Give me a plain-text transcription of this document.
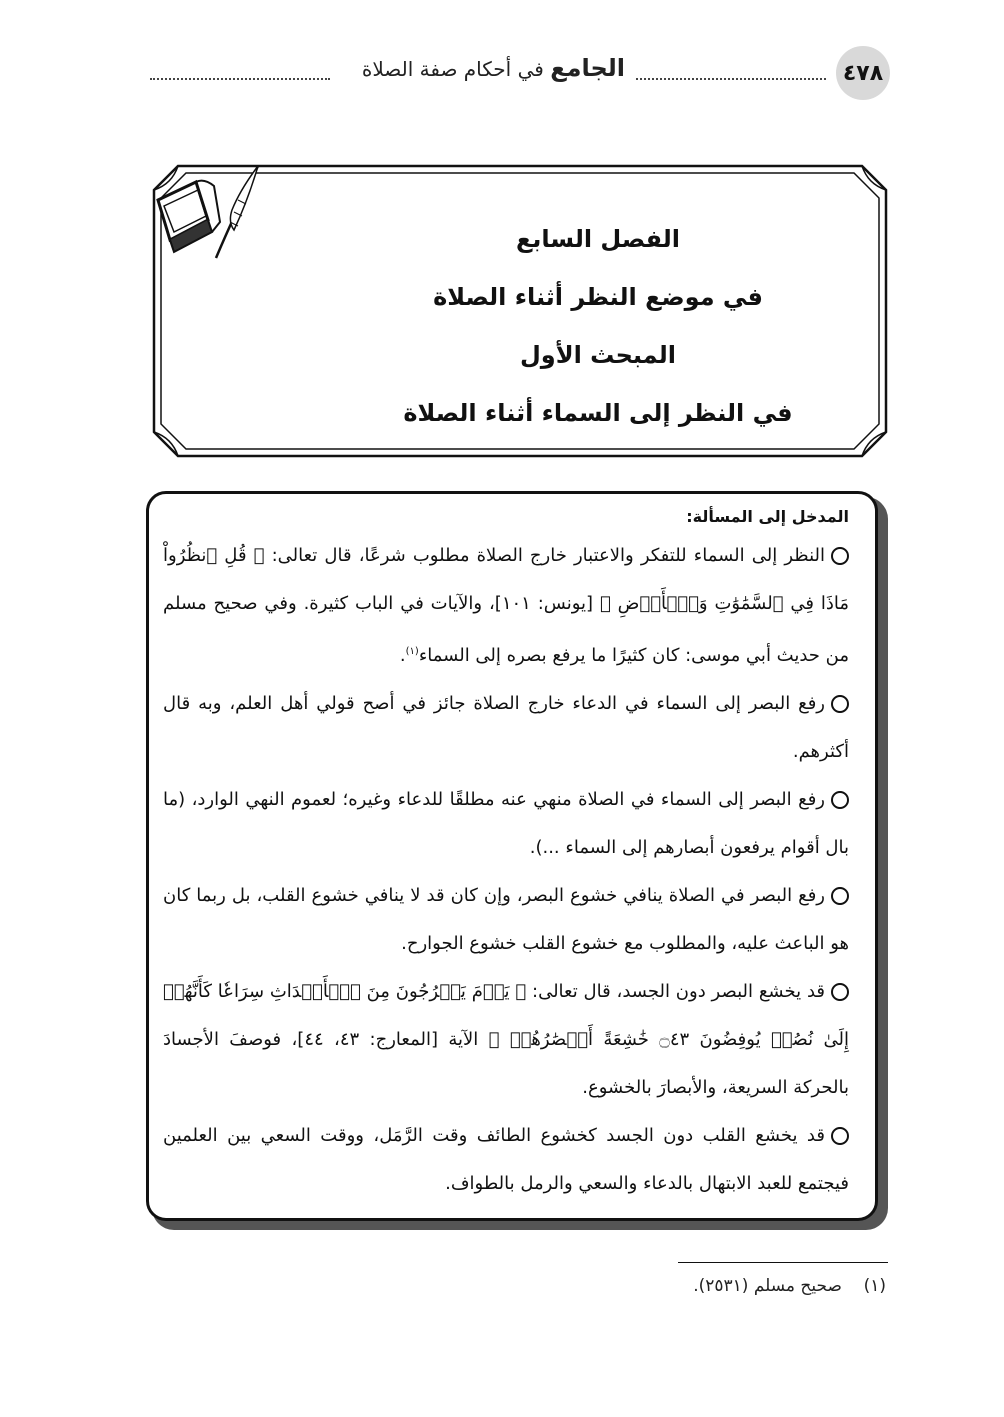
٤٧٨
الجامع ﻓﻲ أحكام صفة الصلاة
الفصل السابع
في موضع النظر أثناء الصلاة
المبحث الأول
في النظر إلى السماء أثناء الصلاة
المدخل إلى المسألة:

النظر إلى السماء للتفكر والاعتبار خارج الصلاة مطلوب شرعًا، قال تعالى: ﴿ قُلِ ٱنظُرُواْ مَاذَا فِي ٱلسَّمَٰوَٰتِ وَٱلۡأَرۡضِ ﴾ [يونس: ١٠١]، والآيات في الباب كثيرة. وفي صحيح مسلم من حديث أبي موسى: كان كثيرًا ما يرفع بصره إلى السماء$^{(١)}$.

رفع البصر إلى السماء في الدعاء خارج الصلاة جائز في أصح قولي أهل العلم، وبه قال أكثرهم.

رفع البصر إلى السماء في الصلاة منهي عنه مطلقًا للدعاء وغيره؛ لعموم النهي الوارد، (ما بال أقوام يرفعون أبصارهم إلى السماء ...).

رفع البصر في الصلاة ينافي خشوع البصر، وإن كان قد لا ينافي خشوع القلب، بل ربما كان هو الباعث عليه، والمطلوب مع خشوع القلب خشوع الجوارح.

قد يخشع البصر دون الجسد، قال تعالى: ﴿ يَوۡمَ يَخۡرُجُونَ مِنَ ٱلۡأَجۡدَاثِ سِرَاعٗا كَأَنَّهُمۡ إِلَىٰ نُصُبٖ يُوفِضُونَ ۝٤٣ خَٰشِعَةً أَبۡصَٰرُهُمۡ ﴾ الآية [المعارج: ٤٣، ٤٤]، فوصفَ الأجسادَ بالحركة السريعة، والأبصارَ بالخشوع.

قد يخشع القلب دون الجسد كخشوع الطائف وقت الرَّمَل، ووقت السعي بين العلمين فيجتمع للعبد الابتهال بالدعاء والسعي والرمل بالطواف.

(١)    صحيح مسلم (٢٥٣١).
